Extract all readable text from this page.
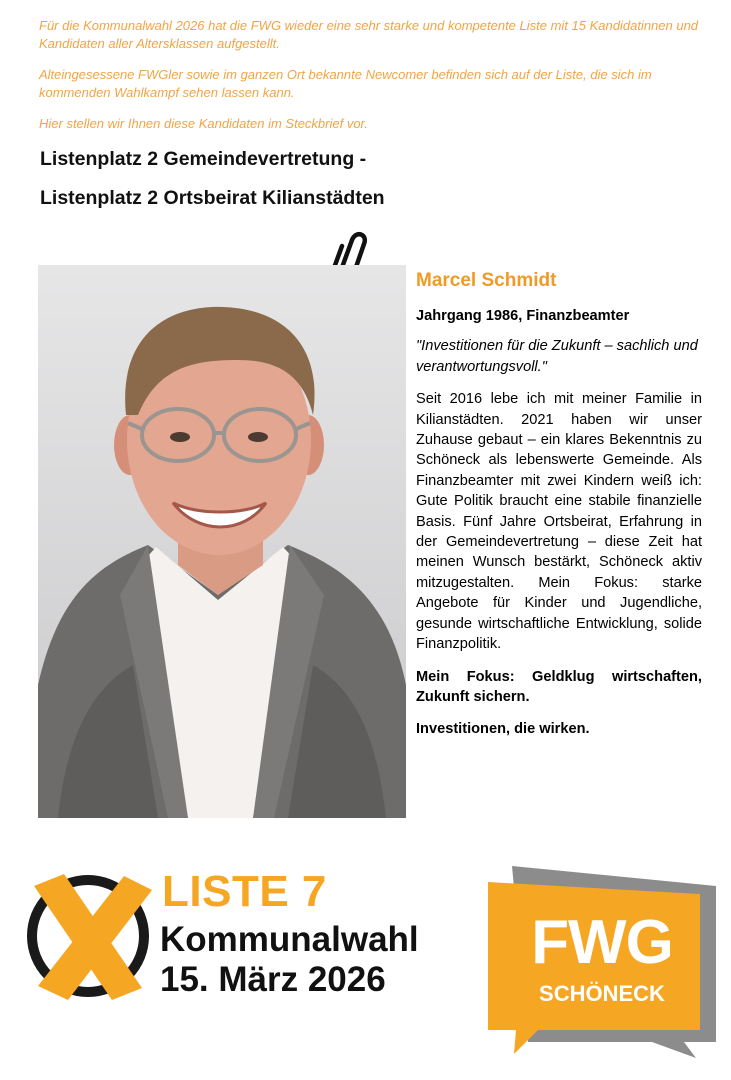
Für die Kommunalwahl 2026 hat die FWG wieder eine sehr starke und kompetente Liste mit 15 Kandidatinnen und Kandidaten aller Altersklassen aufgestellt.

Alteingesessene FWGler sowie im ganzen Ort bekannte Newcomer befinden sich auf der Liste, die sich im kommenden Wahlkampf sehen lassen kann.

Hier stellen wir Ihnen diese Kandidaten im Steckbrief vor.

Listenplatz 2 Gemeindevertretung -

Listenplatz 2 Ortsbeirat Kilianstädten

Marcel Schmidt

Jahrgang 1986, Finanzbeamter

"Investitionen für die Zukunft – sachlich und verantwortungsvoll."

Seit 2016 lebe ich mit meiner Familie in Kilianstädten. 2021 haben wir unser Zuhause gebaut – ein klares Bekenntnis zu Schöneck als lebenswerte Gemeinde. Als Finanzbeamter mit zwei Kindern weiß ich: Gute Politik braucht eine stabile finanzielle Basis. Fünf Jahre Ortsbeirat, Erfahrung in der Gemeindevertretung – diese Zeit hat meinen Wunsch bestärkt, Schöneck aktiv mitzugestalten. Mein Fokus: starke Angebote für Kinder und Jugendliche, gesunde wirtschaftliche Entwicklung, solide Finanzpolitik.

Mein Fokus: Geldklug wirtschaften, Zukunft sichern.

Investitionen, die wirken.

LISTE 7

Kommunalwahl

15. März 2026

FWG
SCHÖNECK
